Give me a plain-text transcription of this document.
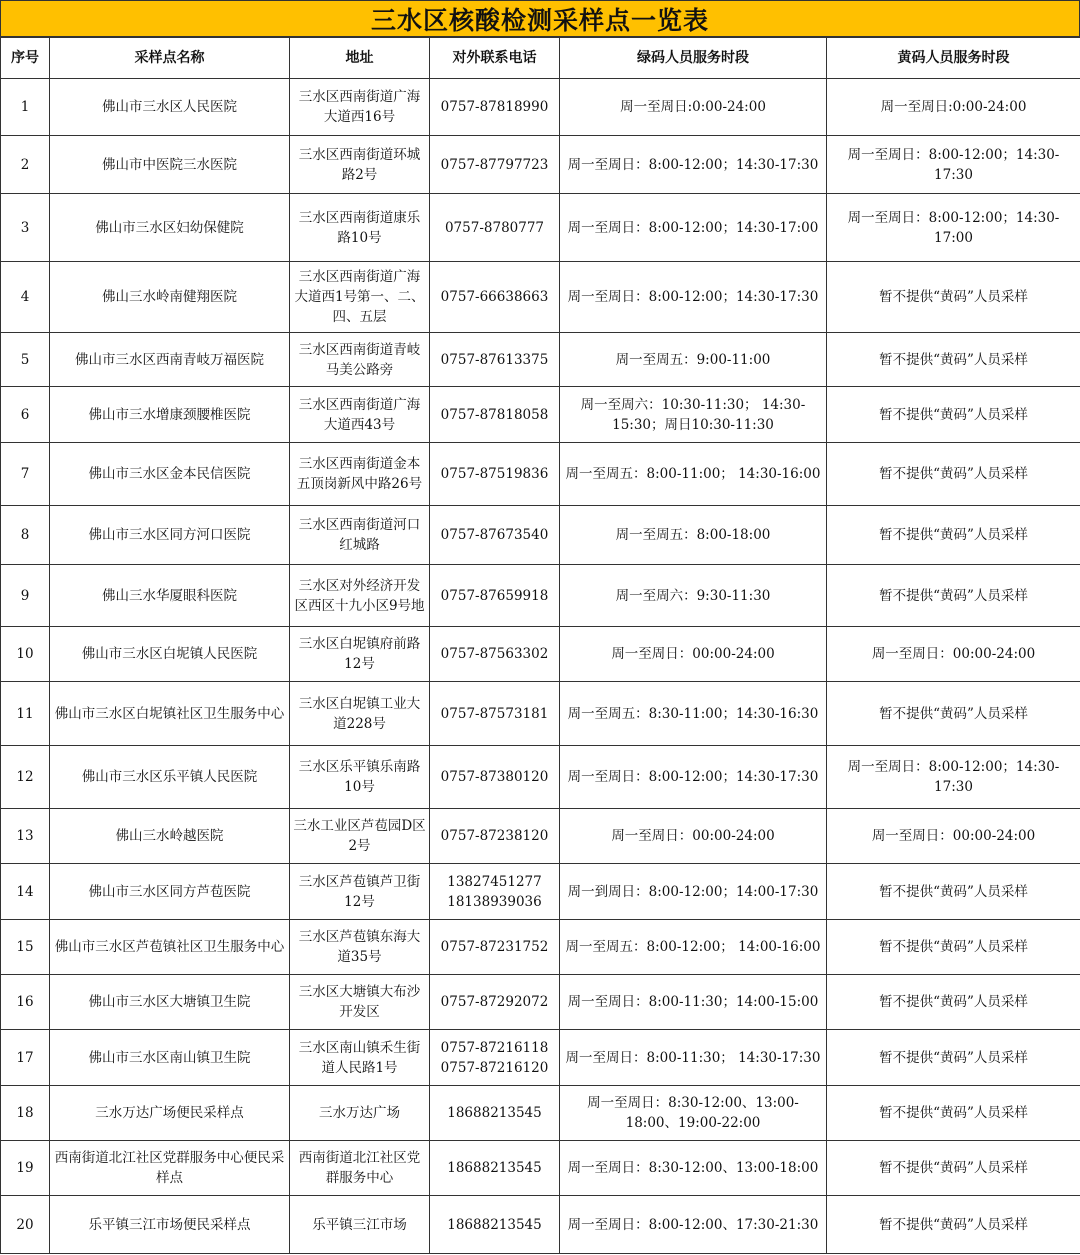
三水区核酸检测采样点一览表
序号	采样点名称	地址	对外联系电话	绿码人员服务时段	黄码人员服务时段
1	佛山市三水区人民医院	三水区西南街道广海大道西16号	0757-87818990	周一至周日:0:00-24:00	周一至周日:0:00-24:00
2	佛山市中医院三水医院	三水区西南街道环城路2号	0757-87797723	周一至周日：8:00-12:00；14:30-17:30	周一至周日：8:00-12:00；14:30-17:30
3	佛山市三水区妇幼保健院	三水区西南街道康乐路10号	0757-8780777	周一至周日：8:00-12:00；14:30-17:00	周一至周日：8:00-12:00；14:30-17:00
4	佛山三水岭南健翔医院	三水区西南街道广海大道西1号第一、二、四、五层	0757-66638663	周一至周日：8:00-12:00；14:30-17:30	暂不提供“黄码”人员采样
5	佛山市三水区西南青岐万福医院	三水区西南街道青岐马美公路旁	0757-87613375	周一至周五：9:00-11:00	暂不提供“黄码”人员采样
6	佛山市三水增康颈腰椎医院	三水区西南街道广海大道西43号	0757-87818058	周一至周六：10:30-11:30； 14:30-15:30；周日10:30-11:30	暂不提供“黄码”人员采样
7	佛山市三水区金本民信医院	三水区西南街道金本五顶岗新风中路26号	0757-87519836	周一至周五：8:00-11:00； 14:30-16:00	暂不提供“黄码”人员采样
8	佛山市三水区同方河口医院	三水区西南街道河口红城路	0757-87673540	周一至周五：8:00-18:00	暂不提供“黄码”人员采样
9	佛山三水华厦眼科医院	三水区对外经济开发区西区十九小区9号地	0757-87659918	周一至周六：9:30-11:30	暂不提供“黄码”人员采样
10	佛山市三水区白坭镇人民医院	三水区白坭镇府前路12号	0757-87563302	周一至周日：00:00-24:00	周一至周日：00:00-24:00
11	佛山市三水区白坭镇社区卫生服务中心	三水区白坭镇工业大道228号	0757-87573181	周一至周五：8:30-11:00；14:30-16:30	暂不提供“黄码”人员采样
12	佛山市三水区乐平镇人民医院	三水区乐平镇乐南路10号	0757-87380120	周一至周日：8:00-12:00；14:30-17:30	周一至周日：8:00-12:00；14:30-17:30
13	佛山三水岭越医院	三水工业区芦苞园D区2号	0757-87238120	周一至周日：00:00-24:00	周一至周日：00:00-24:00
14	佛山市三水区同方芦苞医院	三水区芦苞镇芦卫街12号	13827451277 18138939036	周一到周日：8:00-12:00；14:00-17:30	暂不提供“黄码”人员采样
15	佛山市三水区芦苞镇社区卫生服务中心	三水区芦苞镇东海大道35号	0757-87231752	周一至周五：8:00-12:00； 14:00-16:00	暂不提供“黄码”人员采样
16	佛山市三水区大塘镇卫生院	三水区大塘镇大布沙开发区	0757-87292072	周一至周日：8:00-11:30；14:00-15:00	暂不提供“黄码”人员采样
17	佛山市三水区南山镇卫生院	三水区南山镇禾生街道人民路1号	0757-87216118 0757-87216120	周一至周日：8:00-11:30； 14:30-17:30	暂不提供“黄码”人员采样
18	三水万达广场便民采样点	三水万达广场	18688213545	周一至周日：8:30-12:00、13:00-18:00、19:00-22:00	暂不提供“黄码”人员采样
19	西南街道北江社区党群服务中心便民采样点	西南街道北江社区党群服务中心	18688213545	周一至周日：8:30-12:00、13:00-18:00	暂不提供“黄码”人员采样
20	乐平镇三江市场便民采样点	乐平镇三江市场	18688213545	周一至周日：8:00-12:00、17:30-21:30	暂不提供“黄码”人员采样
